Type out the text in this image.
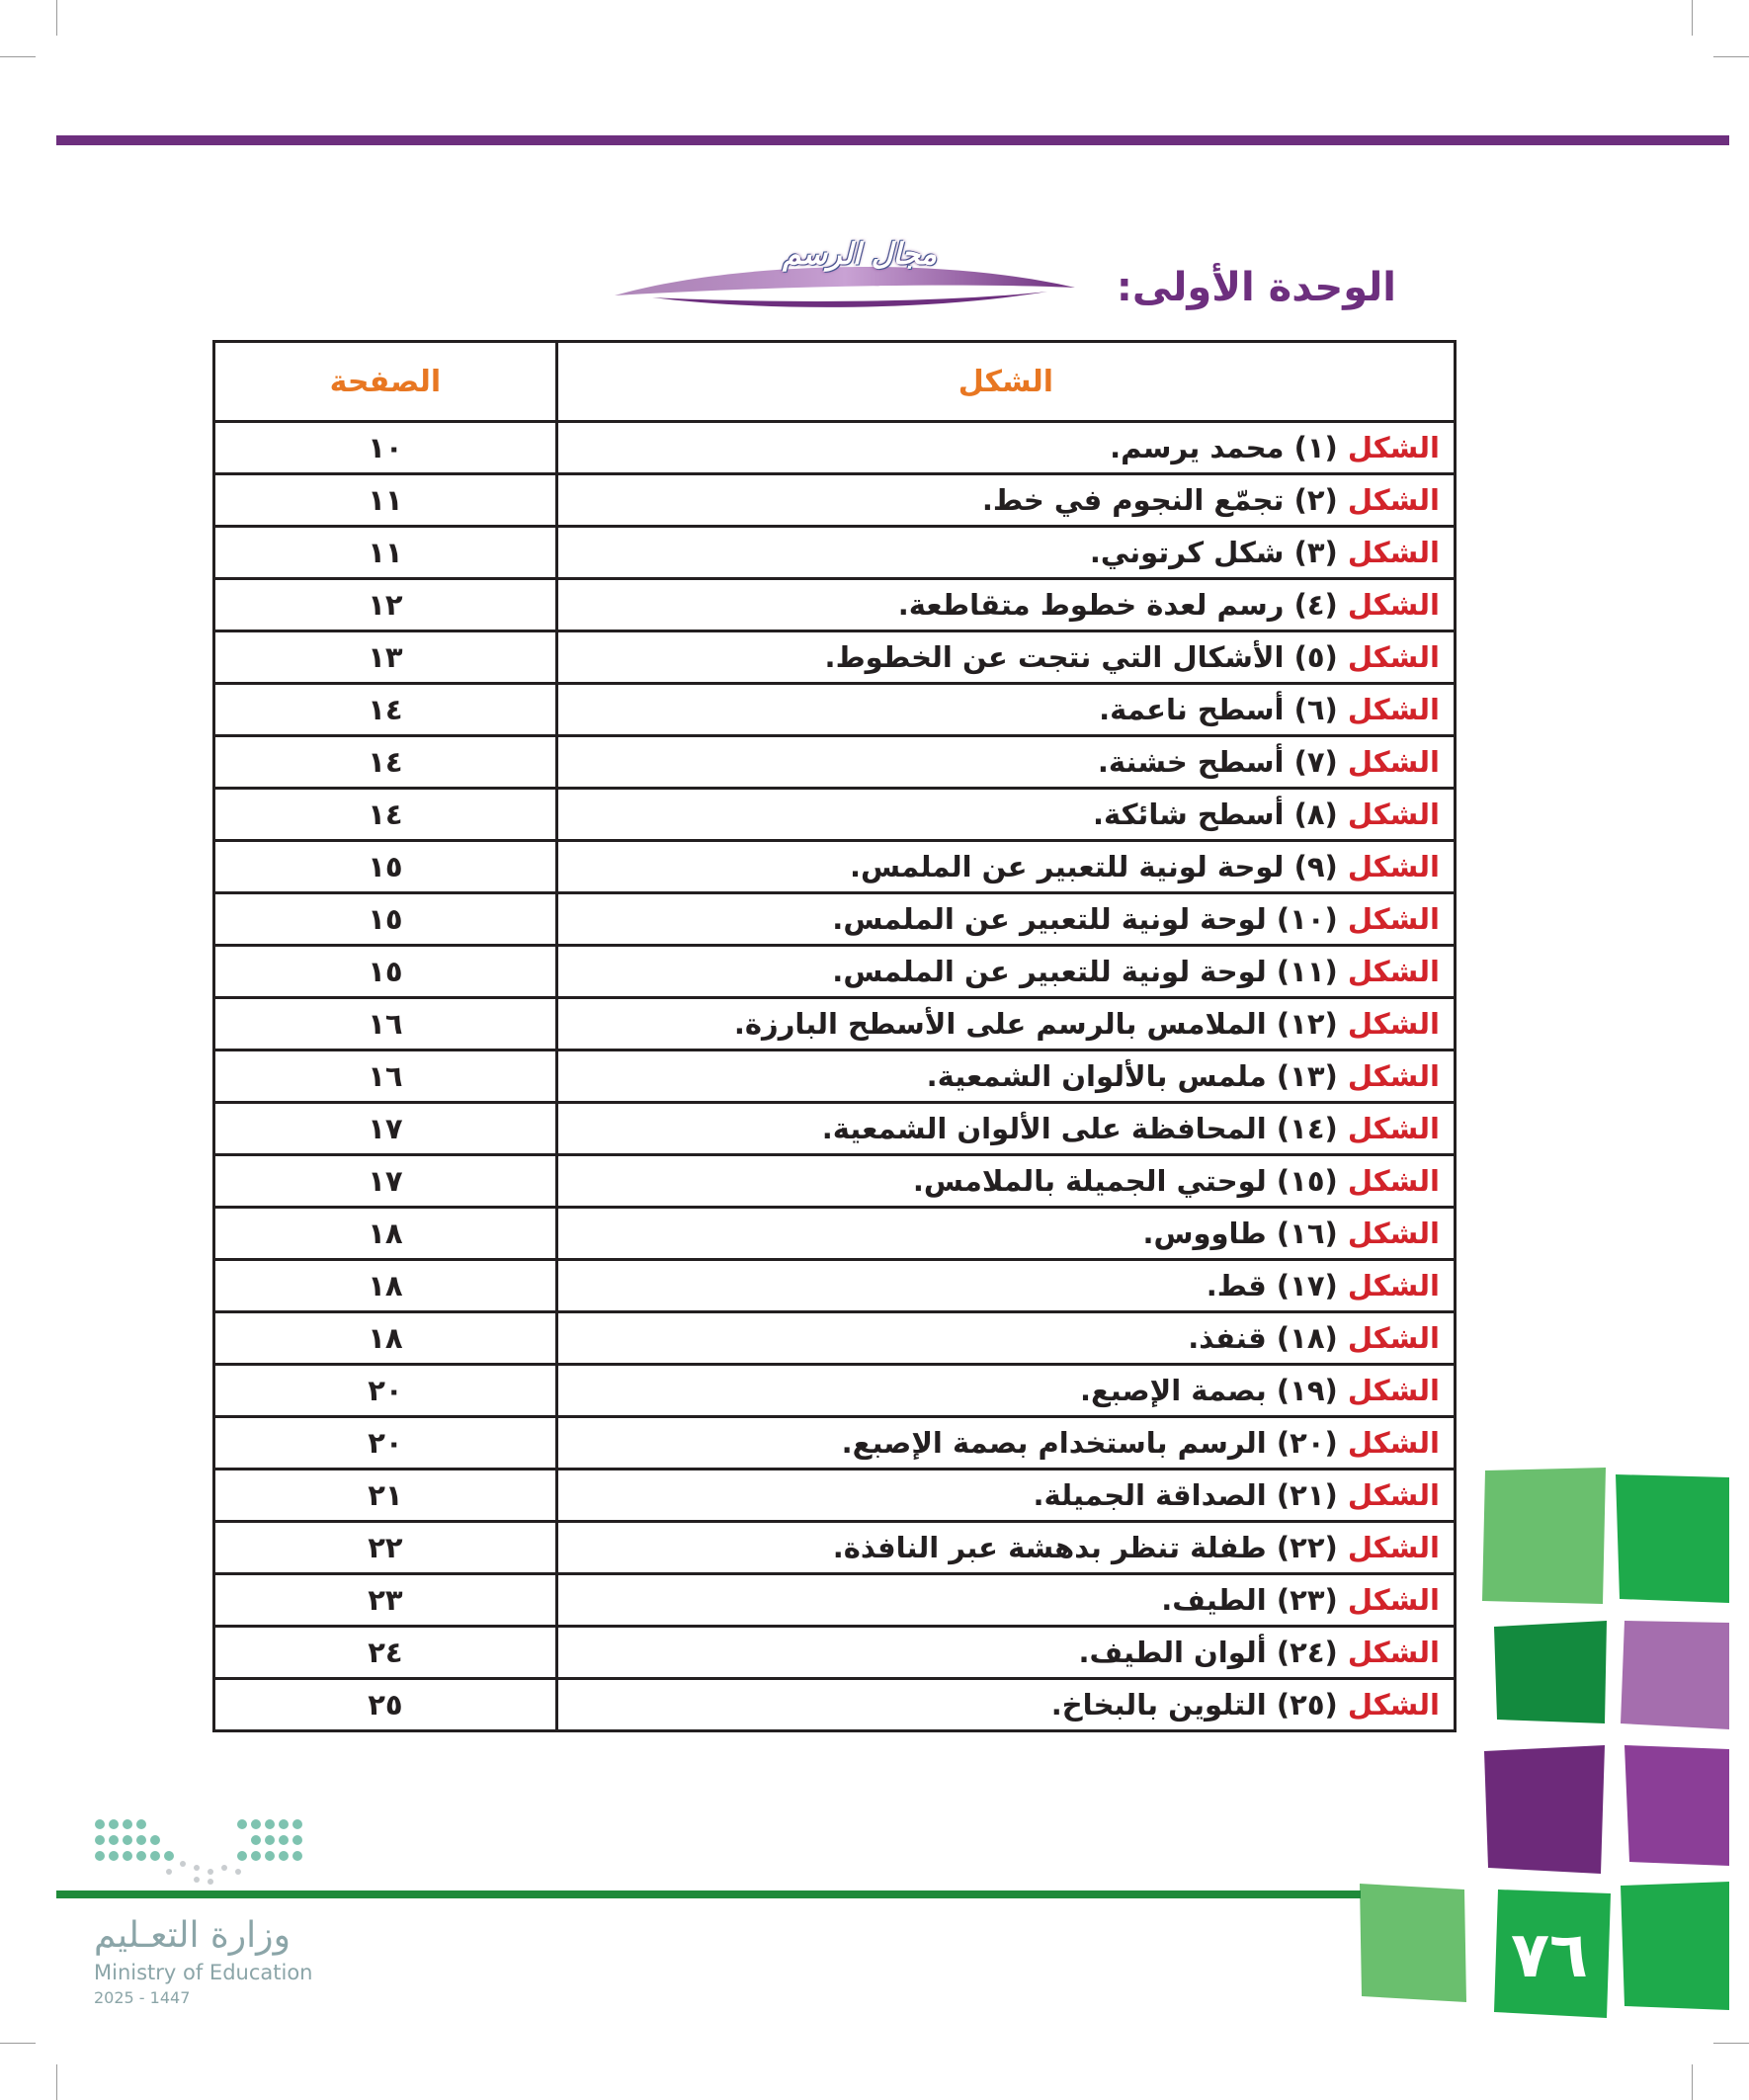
الوحدة الأولى:
مجال الرسم
الشكل	الصفحة
الشكل (١) محمد يرسم.	١٠
الشكل (٢) تجمّع النجوم في خط.	١١
الشكل (٣) شكل كرتوني.	١١
الشكل (٤) رسم لعدة خطوط متقاطعة.	١٢
الشكل (٥) الأشكال التي نتجت عن الخطوط.	١٣
الشكل (٦) أسطح ناعمة.	١٤
الشكل (٧) أسطح خشنة.	١٤
الشكل (٨) أسطح شائكة.	١٤
الشكل (٩) لوحة لونية للتعبير عن الملمس.	١٥
الشكل (١٠) لوحة لونية للتعبير عن الملمس.	١٥
الشكل (١١) لوحة لونية للتعبير عن الملمس.	١٥
الشكل (١٢) الملامس بالرسم على الأسطح البارزة.	١٦
الشكل (١٣) ملمس بالألوان الشمعية.	١٦
الشكل (١٤) المحافظة على الألوان الشمعية.	١٧
الشكل (١٥) لوحتي الجميلة بالملامس.	١٧
الشكل (١٦) طاووس.	١٨
الشكل (١٧) قط.	١٨
الشكل (١٨) قنفذ.	١٨
الشكل (١٩) بصمة الإصبع.	٢٠
الشكل (٢٠) الرسم باستخدام بصمة الإصبع.	٢٠
الشكل (٢١) الصداقة الجميلة.	٢١
الشكل (٢٢) طفلة تنظر بدهشة عبر النافذة.	٢٢
الشكل (٢٣) الطيف.	٢٣
الشكل (٢٤) ألوان الطيف.	٢٤
الشكل (٢٥) التلوين بالبخاخ.	٢٥
٧٦
وزارة التعـليم
Ministry of Education
2025 - 1447
